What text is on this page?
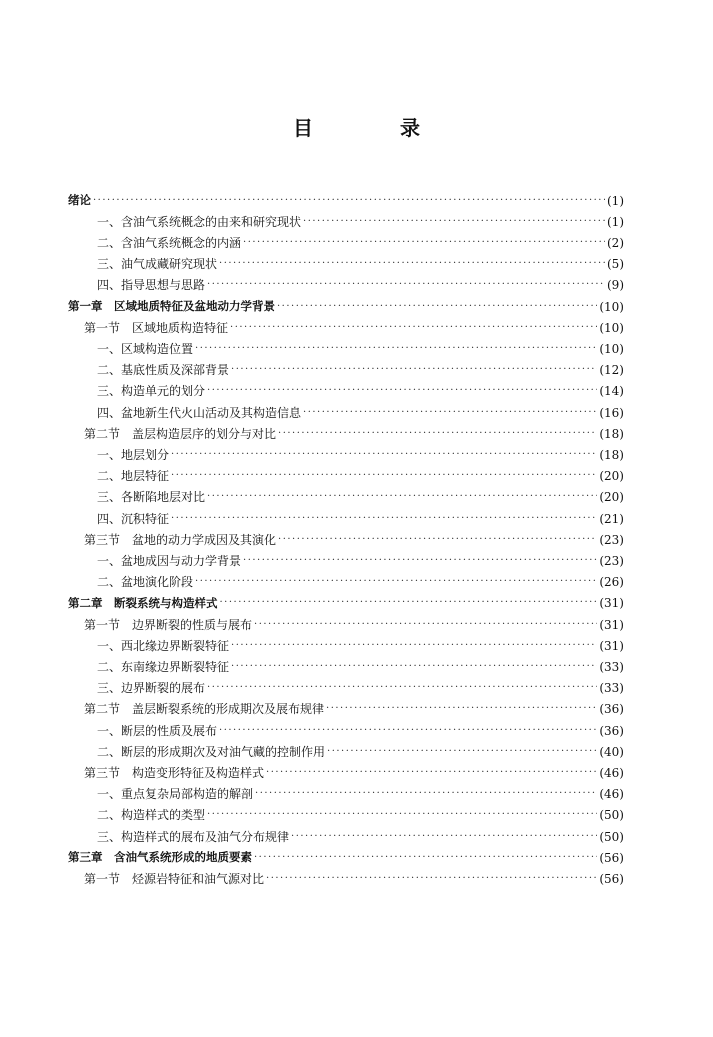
目 录
绪论 ·····	(1)
一、含油气系统概念的由来和研究现状 ·····	(1)
二、含油气系统概念的内涵 ·····	(2)
三、油气成藏研究现状 ·····	(5)
四、指导思想与思路 ·····	(9)
第一章　区域地质特征及盆地动力学背景 ·····	(10)
第一节　区域地质构造特征 ·····	(10)
一、区域构造位置 ·····	(10)
二、基底性质及深部背景 ·····	(12)
三、构造单元的划分 ·····	(14)
四、盆地新生代火山活动及其构造信息 ·····	(16)
第二节　盖层构造层序的划分与对比 ·····	(18)
一、地层划分 ·····	(18)
二、地层特征 ·····	(20)
三、各断陷地层对比 ·····	(20)
四、沉积特征 ·····	(21)
第三节　盆地的动力学成因及其演化 ·····	(23)
一、盆地成因与动力学背景 ·····	(23)
二、盆地演化阶段 ·····	(26)
第二章　断裂系统与构造样式 ·····	(31)
第一节　边界断裂的性质与展布 ·····	(31)
一、西北缘边界断裂特征 ·····	(31)
二、东南缘边界断裂特征 ·····	(33)
三、边界断裂的展布 ·····	(33)
第二节　盖层断裂系统的形成期次及展布规律 ·····	(36)
一、断层的性质及展布 ·····	(36)
二、断层的形成期次及对油气藏的控制作用 ·····	(40)
第三节　构造变形特征及构造样式 ·····	(46)
一、重点复杂局部构造的解剖 ·····	(46)
二、构造样式的类型 ·····	(50)
三、构造样式的展布及油气分布规律 ·····	(50)
第三章　含油气系统形成的地质要素 ·····	(56)
第一节　烃源岩特征和油气源对比 ·····	(56)
